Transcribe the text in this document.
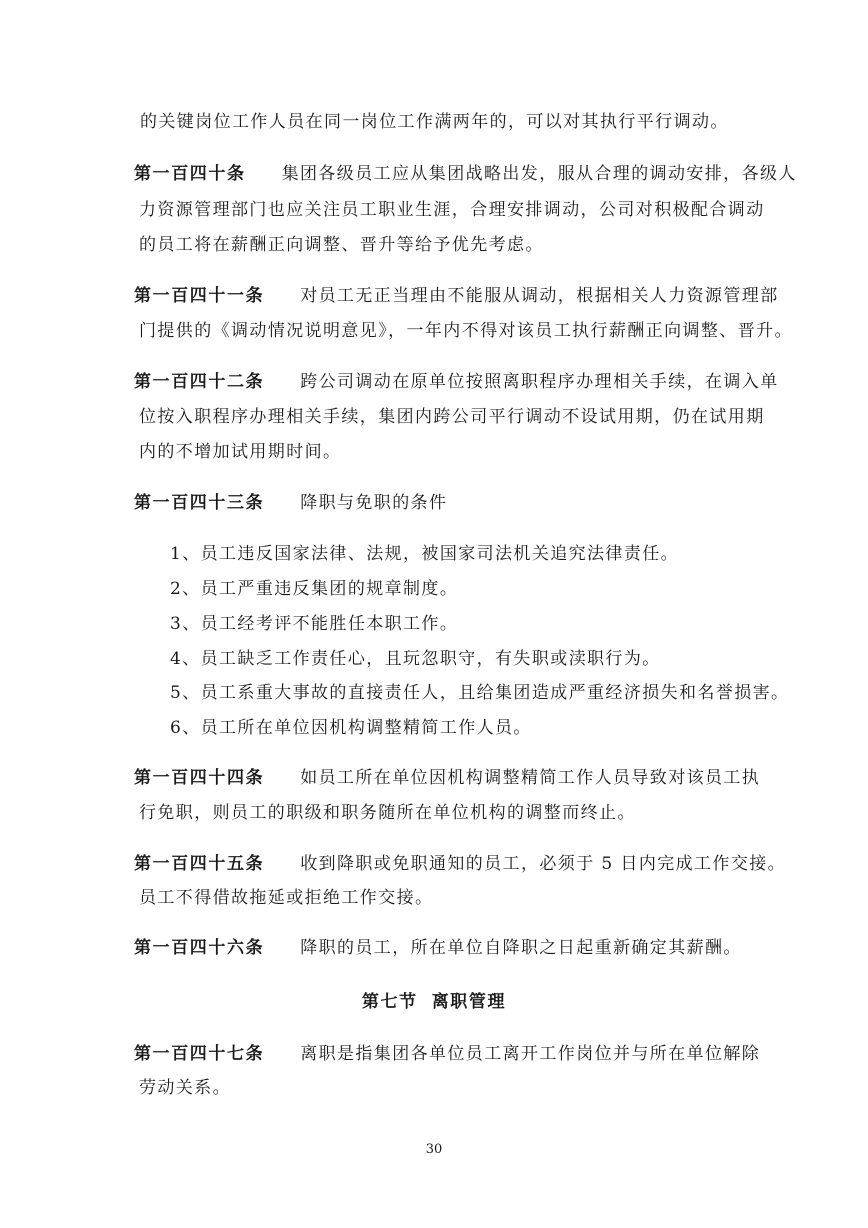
的关键岗位工作人员在同一岗位工作满两年的，可以对其执行平行调动。
第一百四十条 集团各级员工应从集团战略出发，服从合理的调动安排，各级人
力资源管理部门也应关注员工职业生涯，合理安排调动，公司对积极配合调动
的员工将在薪酬正向调整、晋升等给予优先考虑。
第一百四十一条 对员工无正当理由不能服从调动，根据相关人力资源管理部
门提供的《调动情况说明意见》，一年内不得对该员工执行薪酬正向调整、晋升。
第一百四十二条 跨公司调动在原单位按照离职程序办理相关手续，在调入单
位按入职程序办理相关手续，集团内跨公司平行调动不设试用期，仍在试用期
内的不增加试用期时间。
第一百四十三条 降职与免职的条件
1、员工违反国家法律、法规，被国家司法机关追究法律责任。
2、员工严重违反集团的规章制度。
3、员工经考评不能胜任本职工作。
4、员工缺乏工作责任心，且玩忽职守，有失职或渎职行为。
5、员工系重大事故的直接责任人，且给集团造成严重经济损失和名誉损害。
6、员工所在单位因机构调整精简工作人员。
第一百四十四条 如员工所在单位因机构调整精简工作人员导致对该员工执
行免职，则员工的职级和职务随所在单位机构的调整而终止。
第一百四十五条 收到降职或免职通知的员工，必须于 5 日内完成工作交接。
员工不得借故拖延或拒绝工作交接。
第一百四十六条 降职的员工，所在单位自降职之日起重新确定其薪酬。
第七节 离职管理
第一百四十七条 离职是指集团各单位员工离开工作岗位并与所在单位解除
劳动关系。
30
